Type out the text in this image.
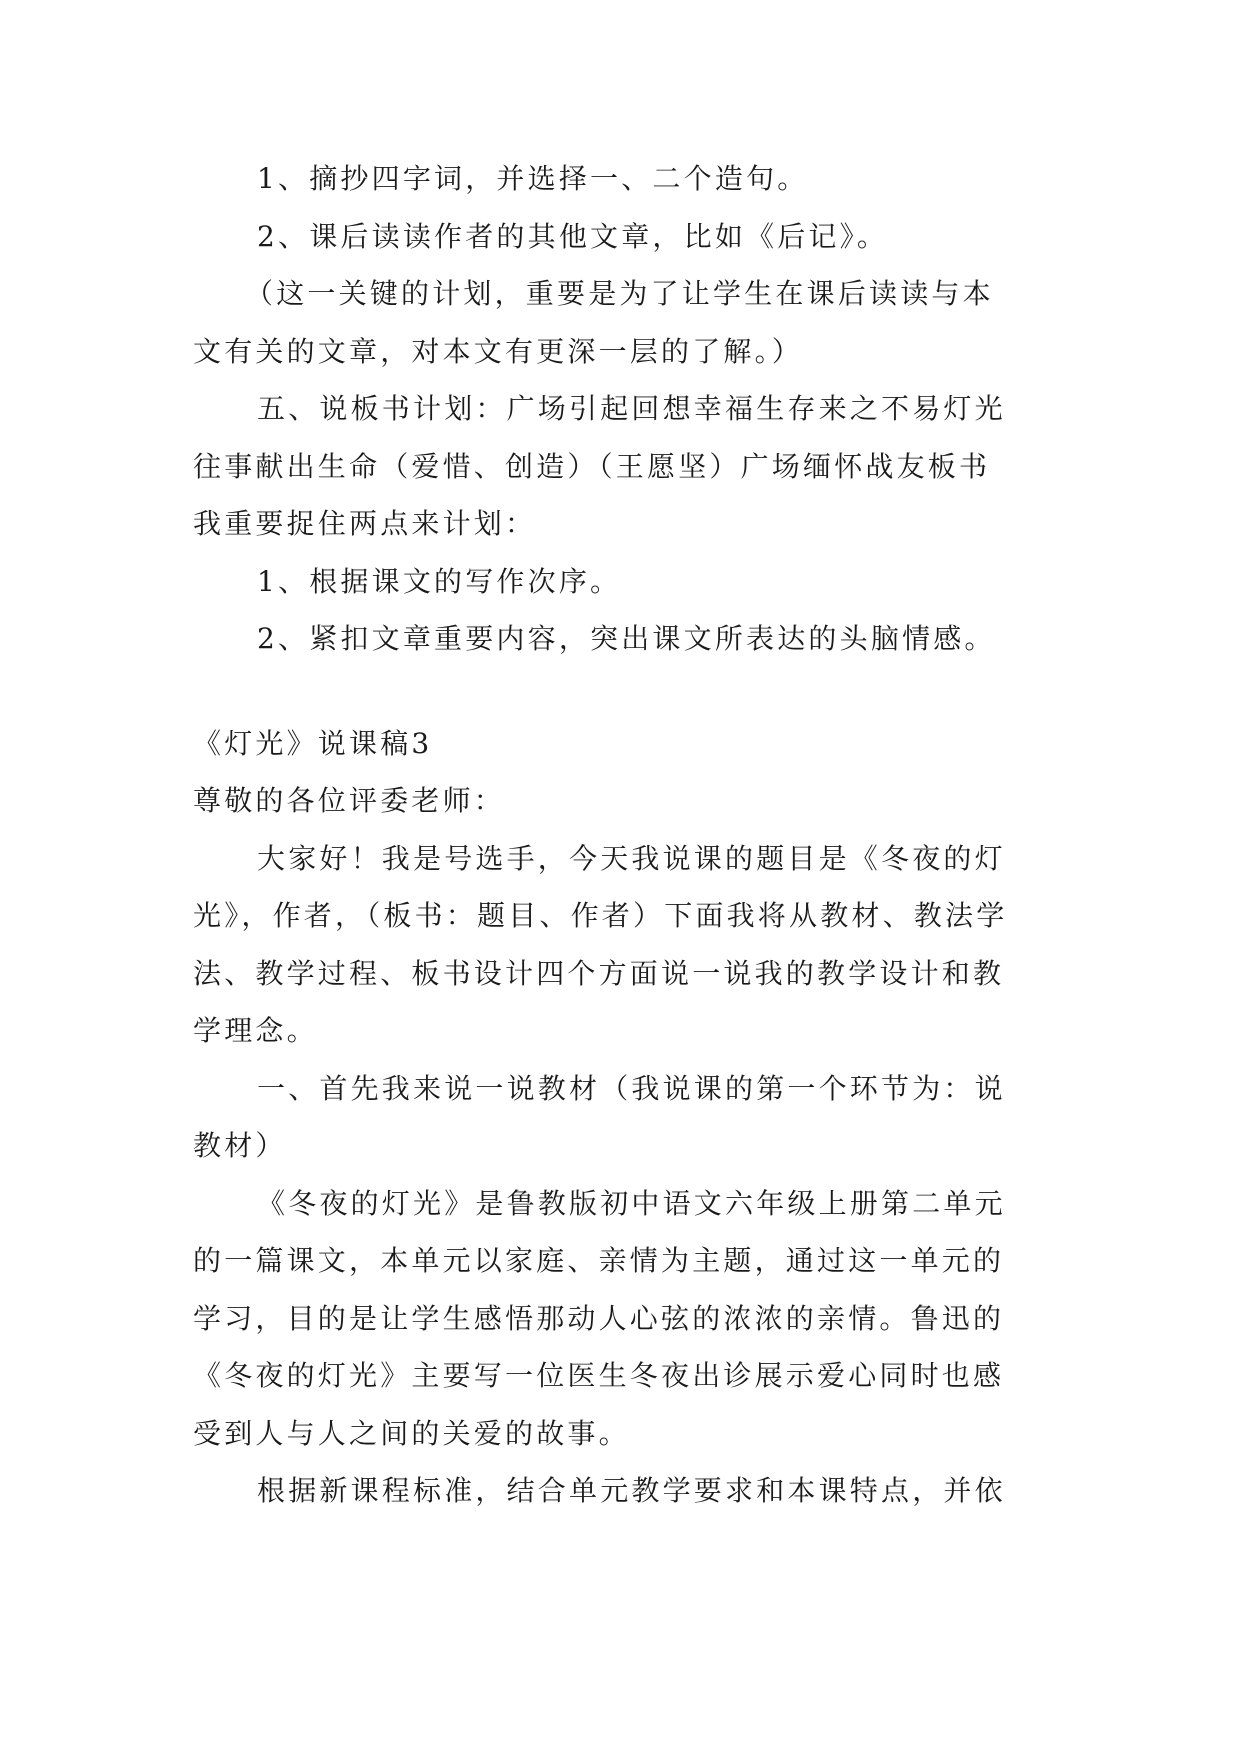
1、摘抄四字词，并选择一、二个造句。
2、课后读读作者的其他文章，比如《后记》。
（这一关键的计划，重要是为了让学生在课后读读与本
文有关的文章，对本文有更深一层的了解。）
五、说板书计划：广场引起回想幸福生存来之不易灯光
往事献出生命（爱惜、创造）（王愿坚）广场缅怀战友板书
我重要捉住两点来计划：
1、根据课文的写作次序。
2、紧扣文章重要内容，突出课文所表达的头脑情感。
《灯光》说课稿3
尊敬的各位评委老师：
大家好！我是号选手，今天我说课的题目是《冬夜的灯
光》，作者，（板书：题目、作者）下面我将从教材、教法学
法、教学过程、板书设计四个方面说一说我的教学设计和教
学理念。
一、首先我来说一说教材（我说课的第一个环节为：说
教材）
《冬夜的灯光》是鲁教版初中语文六年级上册第二单元
的一篇课文，本单元以家庭、亲情为主题，通过这一单元的
学习，目的是让学生感悟那动人心弦的浓浓的亲情。鲁迅的
《冬夜的灯光》主要写一位医生冬夜出诊展示爱心同时也感
受到人与人之间的关爱的故事。
根据新课程标准，结合单元教学要求和本课特点，并依
